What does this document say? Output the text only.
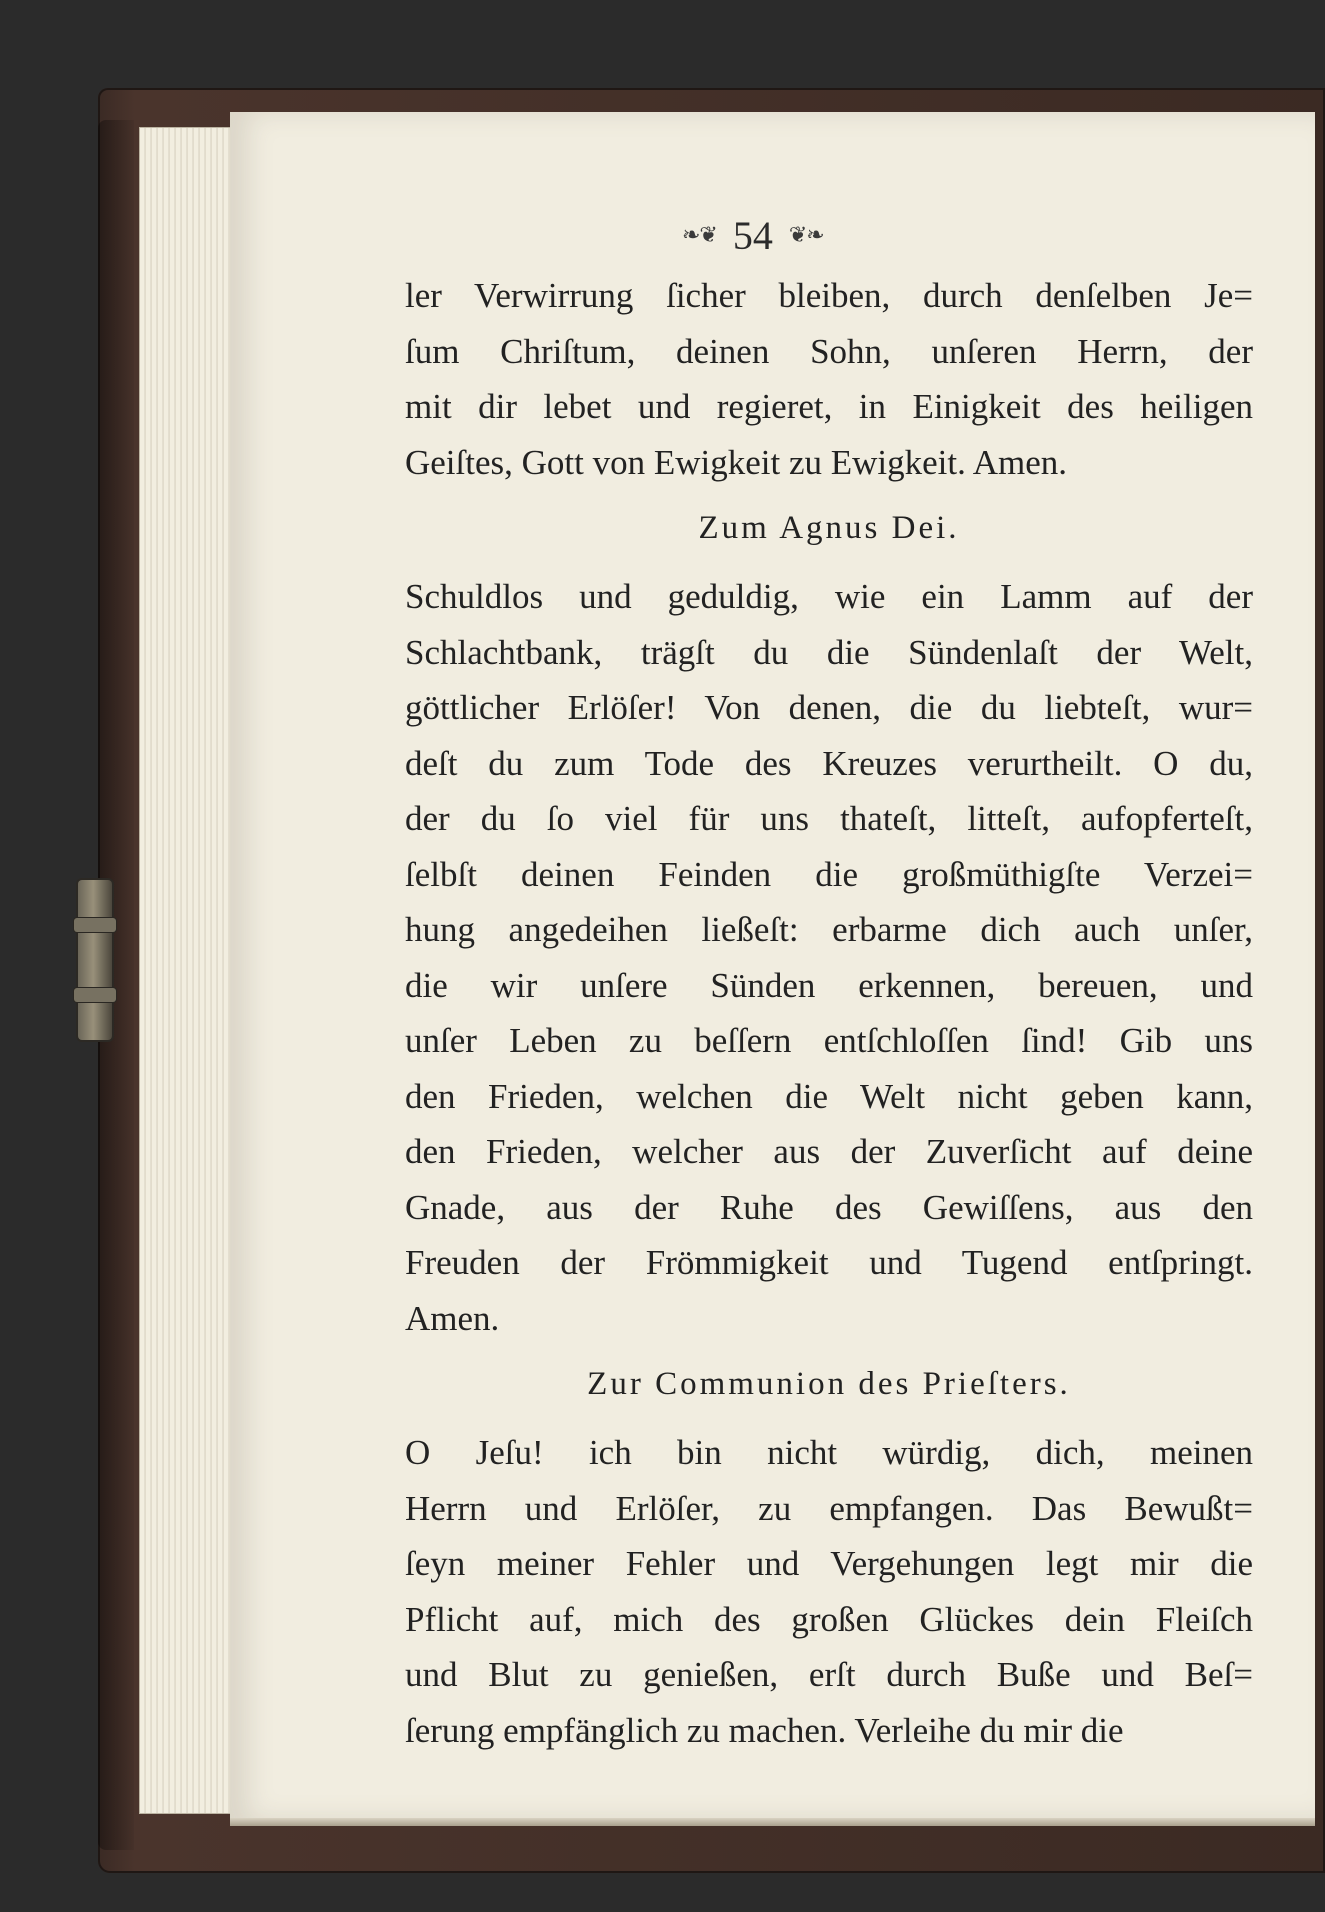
❧❦ 54 ❦❧
ler Verwirrung ſicher bleiben, durch denſelben Je=
ſum Chriſtum, deinen Sohn, unſeren Herrn, der
mit dir lebet und regieret, in Einigkeit des heiligen
Geiſtes, Gott von Ewigkeit zu Ewigkeit. Amen.
Zum Agnus Dei.
Schuldlos und geduldig, wie ein Lamm auf der
Schlachtbank, trägſt du die Sündenlaſt der Welt,
göttlicher Erlöſer! Von denen, die du liebteſt, wur=
deſt du zum Tode des Kreuzes verurtheilt. O du,
der du ſo viel für uns thateſt, litteſt, aufopferteſt,
ſelbſt deinen Feinden die großmüthigſte Verzei=
hung angedeihen ließeſt: erbarme dich auch unſer,
die wir unſere Sünden erkennen, bereuen, und
unſer Leben zu beſſern entſchloſſen ſind! Gib uns
den Frieden, welchen die Welt nicht geben kann,
den Frieden, welcher aus der Zuverſicht auf deine
Gnade, aus der Ruhe des Gewiſſens, aus den
Freuden der Frömmigkeit und Tugend entſpringt.
Amen.
Zur Communion des Prieſters.
O Jeſu! ich bin nicht würdig, dich, meinen
Herrn und Erlöſer, zu empfangen. Das Bewußt=
ſeyn meiner Fehler und Vergehungen legt mir die
Pflicht auf, mich des großen Glückes dein Fleiſch
und Blut zu genießen, erſt durch Buße und Beſ=
ſerung empfänglich zu machen. Verleihe du mir die
